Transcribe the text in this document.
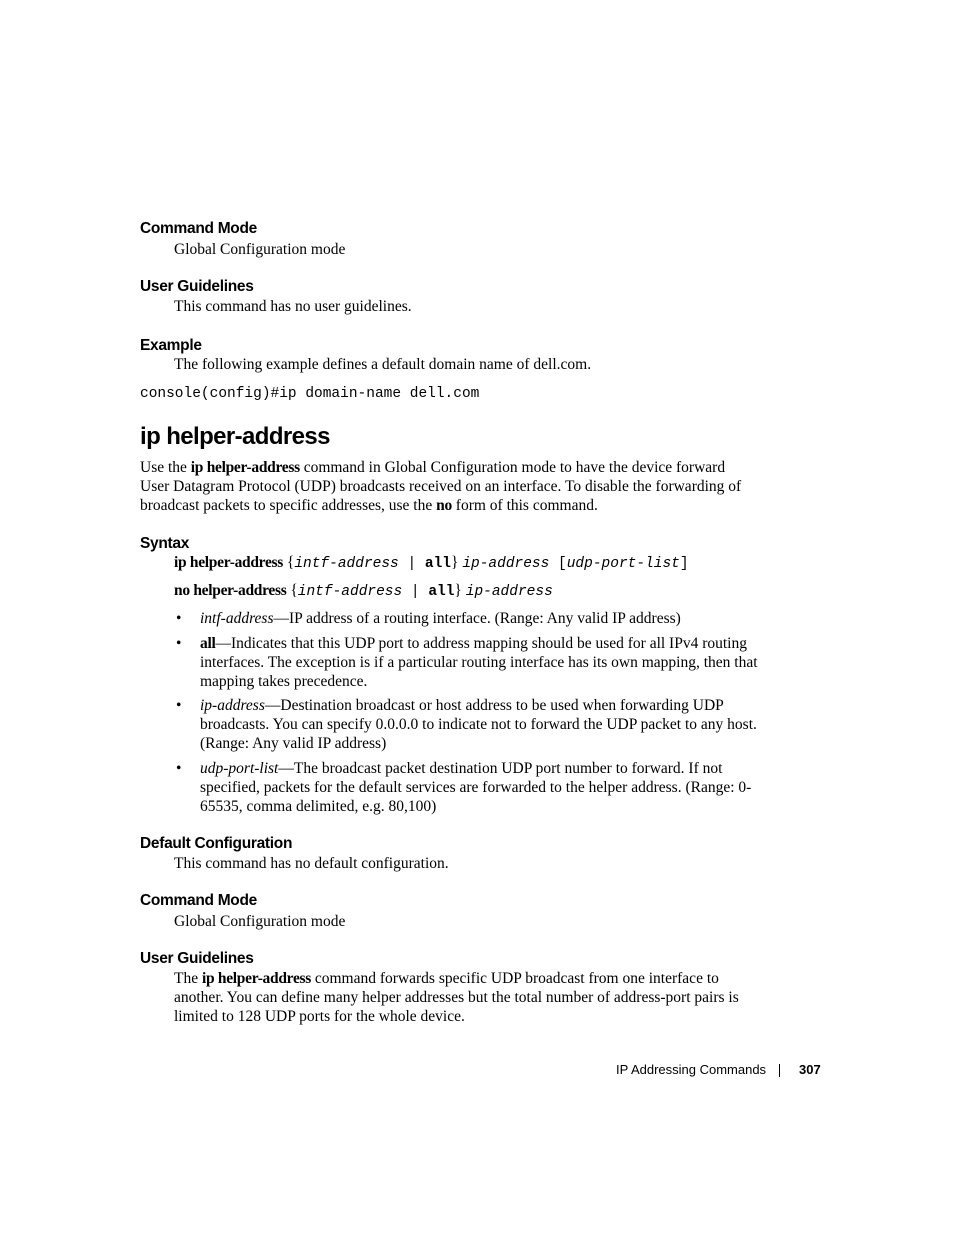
Command Mode
Global Configuration mode
User Guidelines
This command has no user guidelines.
Example
The following example defines a default domain name of dell.com.
console(config)#ip domain-name dell.com
ip helper-address
Use the ip helper-address command in Global Configuration mode to have the device forward User Datagram Protocol (UDP) broadcasts received on an interface. To disable the forwarding of broadcast packets to specific addresses, use the no form of this command.
Syntax
ip helper-address {intf-address | all} ip-address [udp-port-list]
no helper-address {intf-address | all} ip-address
• intf-address—IP address of a routing interface. (Range: Any valid IP address)
• all—Indicates that this UDP port to address mapping should be used for all IPv4 routing interfaces. The exception is if a particular routing interface has its own mapping, then that mapping takes precedence.
• ip-address—Destination broadcast or host address to be used when forwarding UDP broadcasts. You can specify 0.0.0.0 to indicate not to forward the UDP packet to any host. (Range: Any valid IP address)
• udp-port-list—The broadcast packet destination UDP port number to forward. If not specified, packets for the default services are forwarded to the helper address. (Range: 0-65535, comma delimited, e.g. 80,100)
Default Configuration
This command has no default configuration.
Command Mode
Global Configuration mode
User Guidelines
The ip helper-address command forwards specific UDP broadcast from one interface to another. You can define many helper addresses but the total number of address-port pairs is limited to 128 UDP ports for the whole device.
IP Addressing Commands	307
